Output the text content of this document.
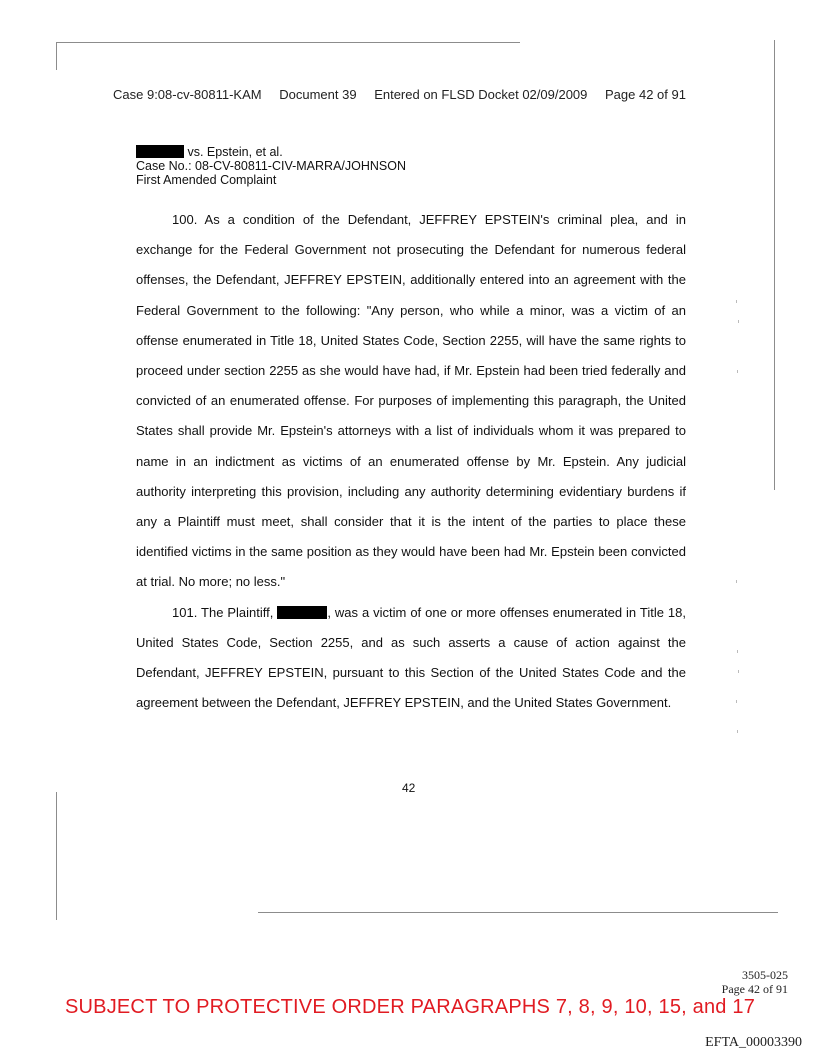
Case 9:08-cv-80811-KAM Document 39 Entered on FLSD Docket 02/09/2009 Page 42 of 91
vs. Epstein, et al.
Case No.: 08-CV-80811-CIV-MARRA/JOHNSON
First Amended Complaint

100. As a condition of the Defendant, JEFFREY EPSTEIN's criminal plea, and in exchange for the Federal Government not prosecuting the Defendant for numerous federal offenses, the Defendant, JEFFREY EPSTEIN, additionally entered into an agreement with the Federal Government to the following: "Any person, who while a minor, was a victim of an offense enumerated in Title 18, United States Code, Section 2255, will have the same rights to proceed under section 2255 as she would have had, if Mr. Epstein had been tried federally and convicted of an enumerated offense. For purposes of implementing this paragraph, the United States shall provide Mr. Epstein's attorneys with a list of individuals whom it was prepared to name in an indictment as victims of an enumerated offense by Mr. Epstein. Any judicial authority interpreting this provision, including any authority determining evidentiary burdens if any a Plaintiff must meet, shall consider that it is the intent of the parties to place these identified victims in the same position as they would have been had Mr. Epstein been convicted at trial. No more; no less."

101. The Plaintiff,	, was a victim of one or more offenses enumerated in Title 18, United States Code, Section 2255, and as such asserts a cause of action against the Defendant, JEFFREY EPSTEIN, pursuant to this Section of the United States Code and the agreement between the Defendant, JEFFREY EPSTEIN, and the United States Government.

42
3505-025
Page 42 of 91
SUBJECT TO PROTECTIVE ORDER PARAGRAPHS 7, 8, 9, 10, 15, and 17
EFTA_00003390
